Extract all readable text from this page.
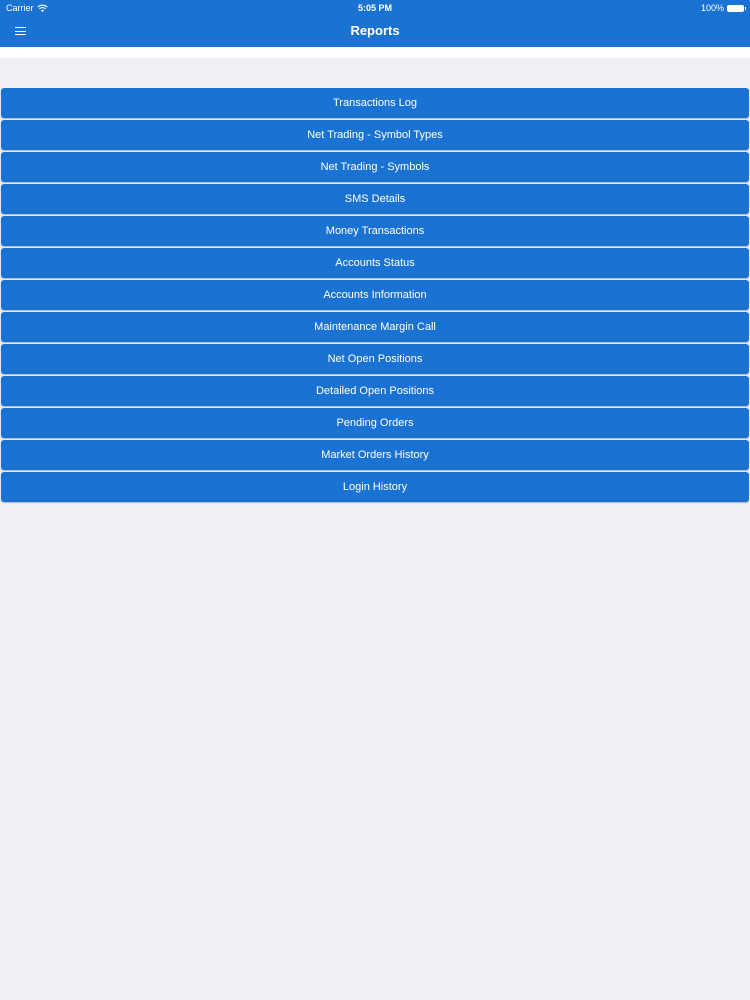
Carrier	5:05 PM	100%
Reports
Transactions Log
Net Trading - Symbol Types
Net Trading - Symbols
SMS Details
Money Transactions
Accounts Status
Accounts Information
Maintenance Margin Call
Net Open Positions
Detailed Open Positions
Pending Orders
Market Orders History
Login History
